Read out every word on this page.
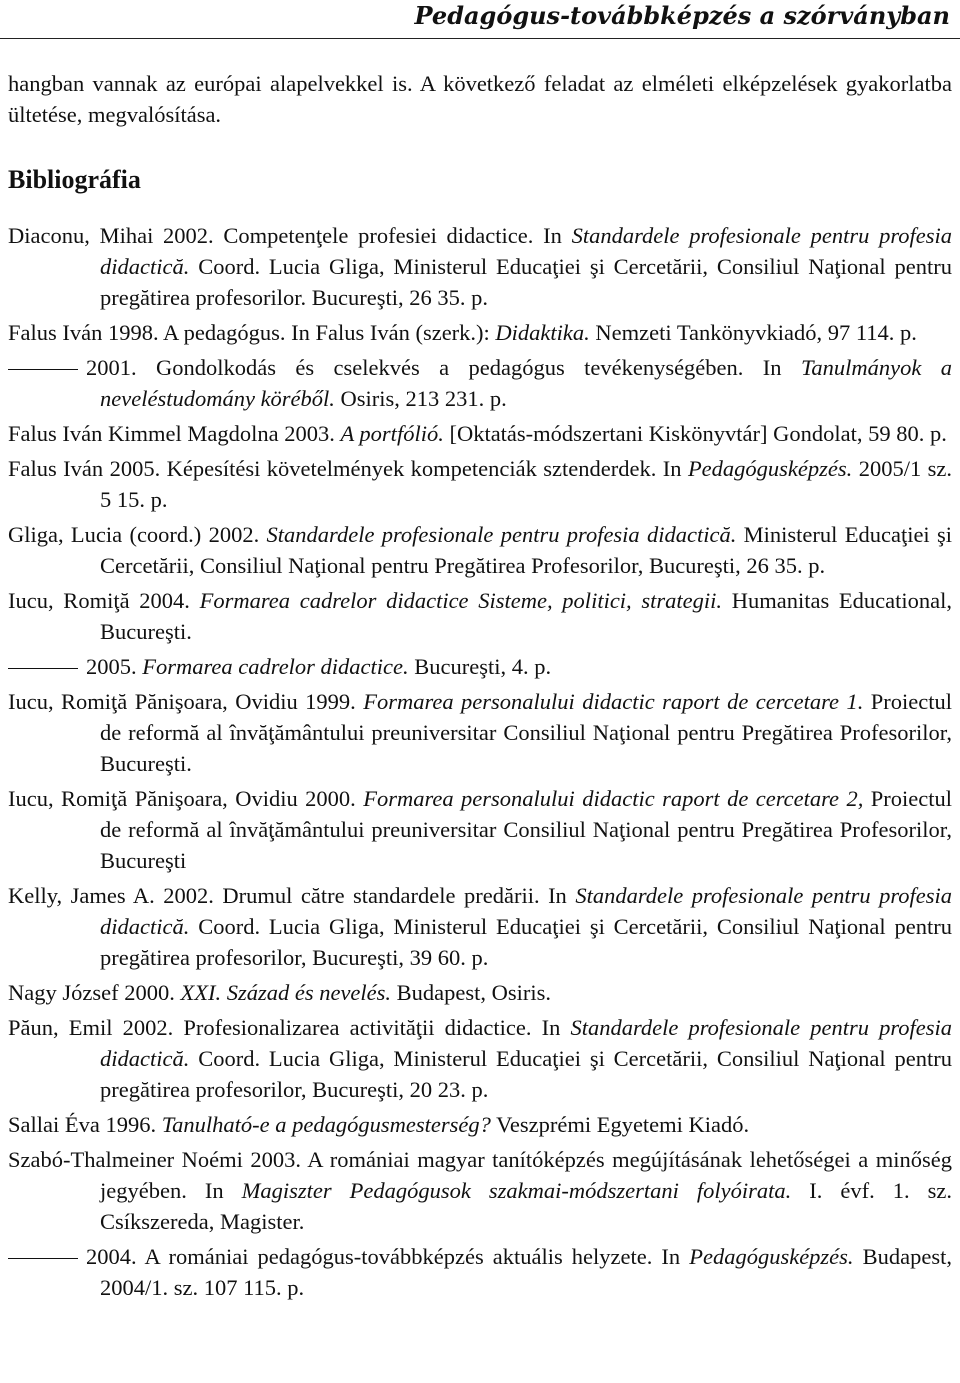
Pedagógus-továbbképzés a szórványban

hangban vannak az európai alapelvekkel is. A következő feladat az elméleti elképzelések gyakorlatba ültetése, megvalósítása.

Bibliográfia
Diaconu, Mihai 2002. Competenţele profesiei didactice. In Standardele profesionale pentru profesia didactică. Coord. Lucia Gliga, Ministerul Educaţiei şi Cercetării, Consiliul Naţional pentru pregătirea profesorilor. Bucureşti, 26 35. p.
Falus Iván 1998. A pedagógus. In Falus Iván (szerk.): Didaktika. Nemzeti Tankönyvkiadó, 97 114. p.
2001. Gondolkodás és cselekvés a pedagógus tevékenységében. In Tanulmányok a neveléstudomány köréből. Osiris, 213 231. p.
Falus Iván Kimmel Magdolna 2003. A portfólió. [Oktatás-módszertani Kiskönyvtár] Gondolat, 59 80. p.
Falus Iván 2005. Képesítési követelmények kompetenciák sztenderdek. In Pedagógusképzés. 2005/1 sz. 5 15. p.
Gliga, Lucia (coord.) 2002. Standardele profesionale pentru profesia didactică. Ministerul Educaţiei şi Cercetării, Consiliul Naţional pentru Pregătirea Profesorilor, Bucureşti, 26 35. p.
Iucu, Romiţă 2004. Formarea cadrelor didactice Sisteme, politici, strategii. Humanitas Educational, Bucureşti.
2005. Formarea cadrelor didactice. Bucureşti, 4. p.
Iucu, Romiţă Pănişoara, Ovidiu 1999. Formarea personalului didactic raport de cercetare 1. Proiectul de reformă al învăţământului preuniversitar Consiliul Naţional pentru Pregătirea Profesorilor, Bucureşti.
Iucu, Romiţă Pănişoara, Ovidiu 2000. Formarea personalului didactic raport de cercetare 2, Proiectul de reformă al învăţământului preuniversitar Consiliul Naţional pentru Pregătirea Profesorilor, Bucureşti
Kelly, James A. 2002. Drumul către standardele predării. In Standardele profesionale pentru profesia didactică. Coord. Lucia Gliga, Ministerul Educaţiei şi Cercetării, Consiliul Naţional pentru pregătirea profesorilor, Bucureşti, 39 60. p.
Nagy József 2000. XXI. Század és nevelés. Budapest, Osiris.
Păun, Emil 2002. Profesionalizarea activităţii didactice. In Standardele profesionale pentru profesia didactică. Coord. Lucia Gliga, Ministerul Educaţiei şi Cercetării, Consiliul Naţional pentru pregătirea profesorilor, Bucureşti, 20 23. p.
Sallai Éva 1996. Tanulható-e a pedagógusmesterség? Veszprémi Egyetemi Kiadó.
Szabó-Thalmeiner Noémi 2003. A romániai magyar tanítóképzés megújításának lehetőségei a minőség jegyében. In Magiszter Pedagógusok szakmai-módszertani folyóirata. I. évf. 1. sz. Csíkszereda, Magister.
2004. A romániai pedagógus-továbbképzés aktuális helyzete. In Pedagógusképzés. Budapest, 2004/1. sz. 107 115. p.
